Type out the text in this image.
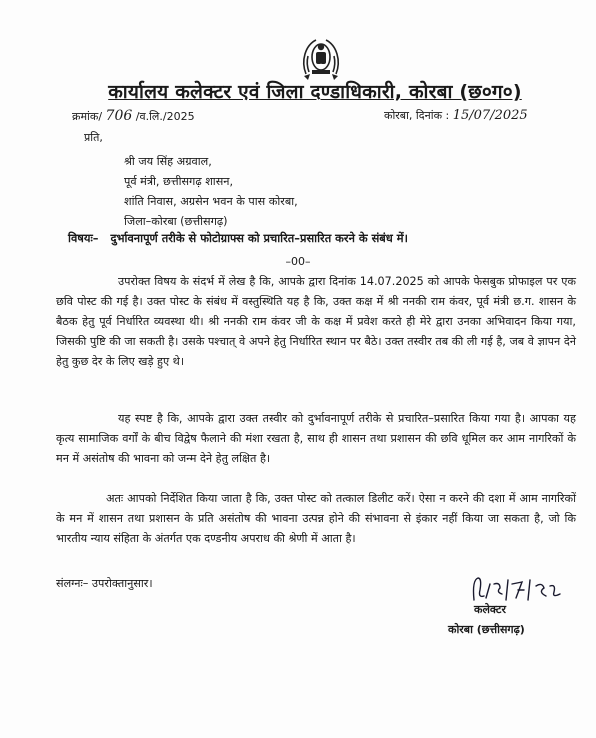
कार्यालय कलेक्टर एवं जिला दण्डाधिकारी, कोरबा (छ०ग०)
क्रमांक/ 706 /व.लि./2025	कोरबा, दिनांक : 15/07/2025
प्रति,
श्री जय सिंह अग्रवाल,
पूर्व मंत्री, छत्तीसगढ़ शासन,
शांति निवास, अग्रसेन भवन के पास कोरबा,
जिला–कोरबा (छत्तीसगढ़)
विषयः– दुर्भावनापूर्ण तरीके से फोटोग्राफ्स को प्रचारित–प्रसारित करने के संबंध में।
–00–
उपरोक्त विषय के संदर्भ में लेख है कि, आपके द्वारा दिनांक 14.07.2025 को आपके फेसबुक प्रोफाइल पर एक छवि पोस्ट की गई है। उक्त पोस्ट के संबंध में वस्तुस्थिति यह है कि, उक्त कक्ष में श्री ननकी राम कंवर, पूर्व मंत्री छ.ग. शासन के बैठक हेतु पूर्व निर्धारित व्यवस्था थी। श्री ननकी राम कंवर जी के कक्ष में प्रवेश करते ही मेरे द्वारा उनका अभिवादन किया गया, जिसकी पुष्टि की जा सकती है। उसके पश्चात् वे अपने हेतु निर्धारित स्थान पर बैठे। उक्त तस्वीर तब की ली गई है, जब वे ज्ञापन देने हेतु कुछ देर के लिए खड़े हुए थे।
यह स्पष्ट है कि, आपके द्वारा उक्त तस्वीर को दुर्भावनापूर्ण तरीके से प्रचारित–प्रसारित किया गया है। आपका यह कृत्य सामाजिक वर्गों के बीच विद्वेष फैलाने की मंशा रखता है, साथ ही शासन तथा प्रशासन की छवि धूमिल कर आम नागरिकों के मन में असंतोष की भावना को जन्म देने हेतु लक्षित है।
अतः आपको निर्देशित किया जाता है कि, उक्त पोस्ट को तत्काल डिलीट करें। ऐसा न करने की दशा में आम नागरिकों के मन में शासन तथा प्रशासन के प्रति असंतोष की भावना उत्पन्न होने की संभावना से इंकार नहीं किया जा सकता है, जो कि भारतीय न्याय संहिता के अंतर्गत एक दण्डनीय अपराध की श्रेणी में आता है।
संलग्नः– उपरोक्तानुसार।
कलेक्टर
कोरबा (छत्तीसगढ़)
